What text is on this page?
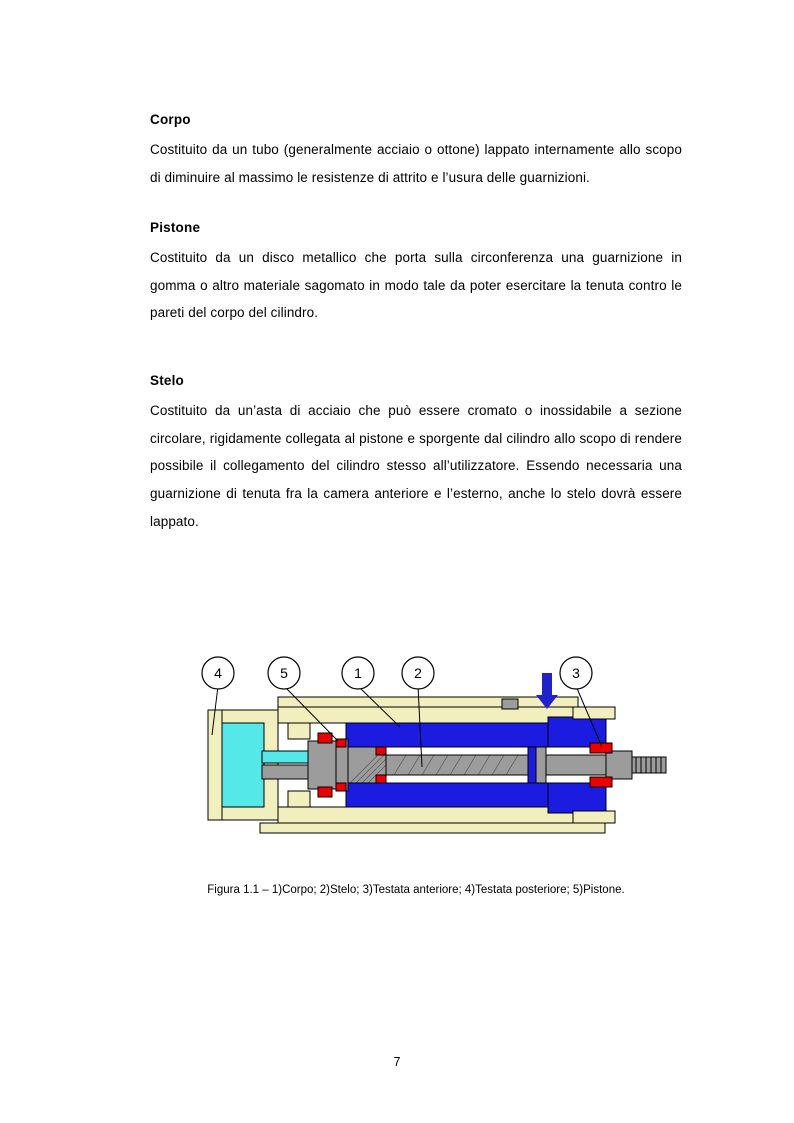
Corpo

Costituito da un tubo (generalmente acciaio o ottone) lappato internamente allo scopo di diminuire al massimo le resistenze di attrito e l’usura delle guarnizioni.

Pistone

Costituito da un disco metallico che porta sulla circonferenza una guarnizione in gomma o altro materiale sagomato in modo tale da poter esercitare la tenuta contro le pareti del corpo del cilindro.

Stelo

Costituito da un’asta di acciaio che può essere cromato o inossidabile a sezione circolare, rigidamente collegata al pistone e sporgente dal cilindro allo scopo di rendere possibile il collegamento del cilindro stesso all’utilizzatore. Essendo necessaria una guarnizione di tenuta fra la camera anteriore e l’esterno, anche lo stelo dovrà essere lappato.

4	5	1	2	3
Figura 1.1 – 1)Corpo; 2)Stelo; 3)Testata anteriore; 4)Testata posteriore; 5)Pistone.
7
